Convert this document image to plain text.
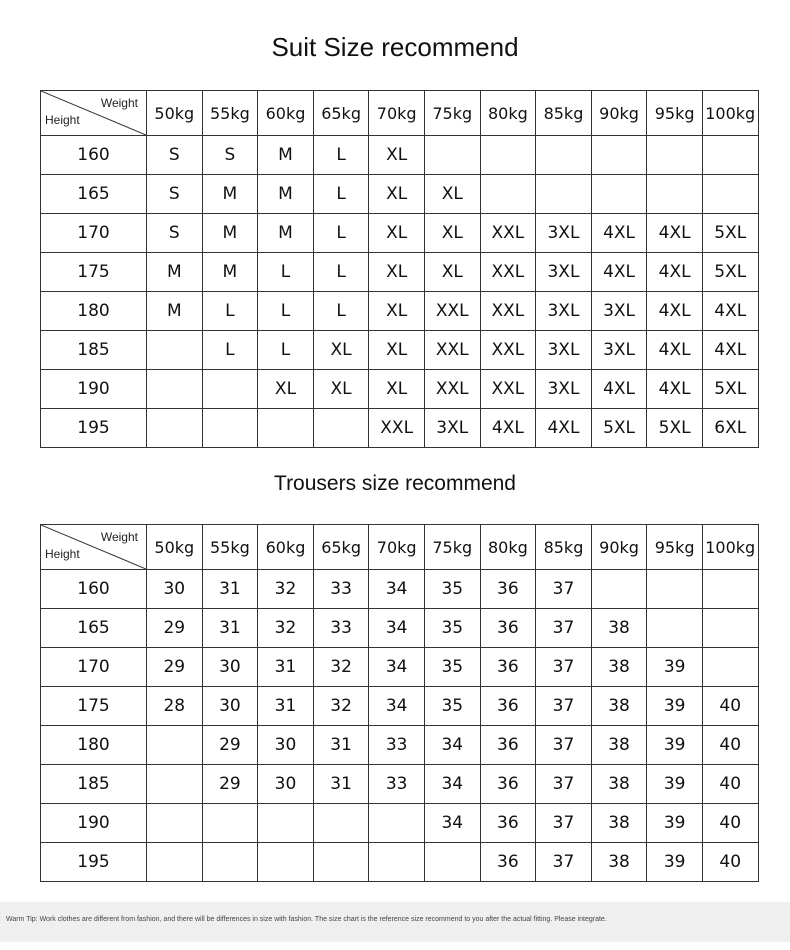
Suit Size recommend
Weight
Height	50kg	55kg	60kg	65kg	70kg	75kg	80kg	85kg	90kg	95kg	100kg
160	S	S	M	L	XL						
165	S	M	M	L	XL	XL					
170	S	M	M	L	XL	XL	XXL	3XL	4XL	4XL	5XL
175	M	M	L	L	XL	XL	XXL	3XL	4XL	4XL	5XL
180	M	L	L	L	XL	XXL	XXL	3XL	3XL	4XL	4XL
185		L	L	XL	XL	XXL	XXL	3XL	3XL	4XL	4XL
190			XL	XL	XL	XXL	XXL	3XL	4XL	4XL	5XL
195					XXL	3XL	4XL	4XL	5XL	5XL	6XL
Trousers size recommend
Weight
Height	50kg	55kg	60kg	65kg	70kg	75kg	80kg	85kg	90kg	95kg	100kg
160	30	31	32	33	34	35	36	37			
165	29	31	32	33	34	35	36	37	38		
170	29	30	31	32	34	35	36	37	38	39	
175	28	30	31	32	34	35	36	37	38	39	40
180		29	30	31	33	34	36	37	38	39	40
185		29	30	31	33	34	36	37	38	39	40
190						34	36	37	38	39	40
195							36	37	38	39	40
Warm Tip: Work clothes are different from fashion, and there will be differences in size with fashion. The size chart is the reference size recommend to you after the actual fitting. Please integrate.
